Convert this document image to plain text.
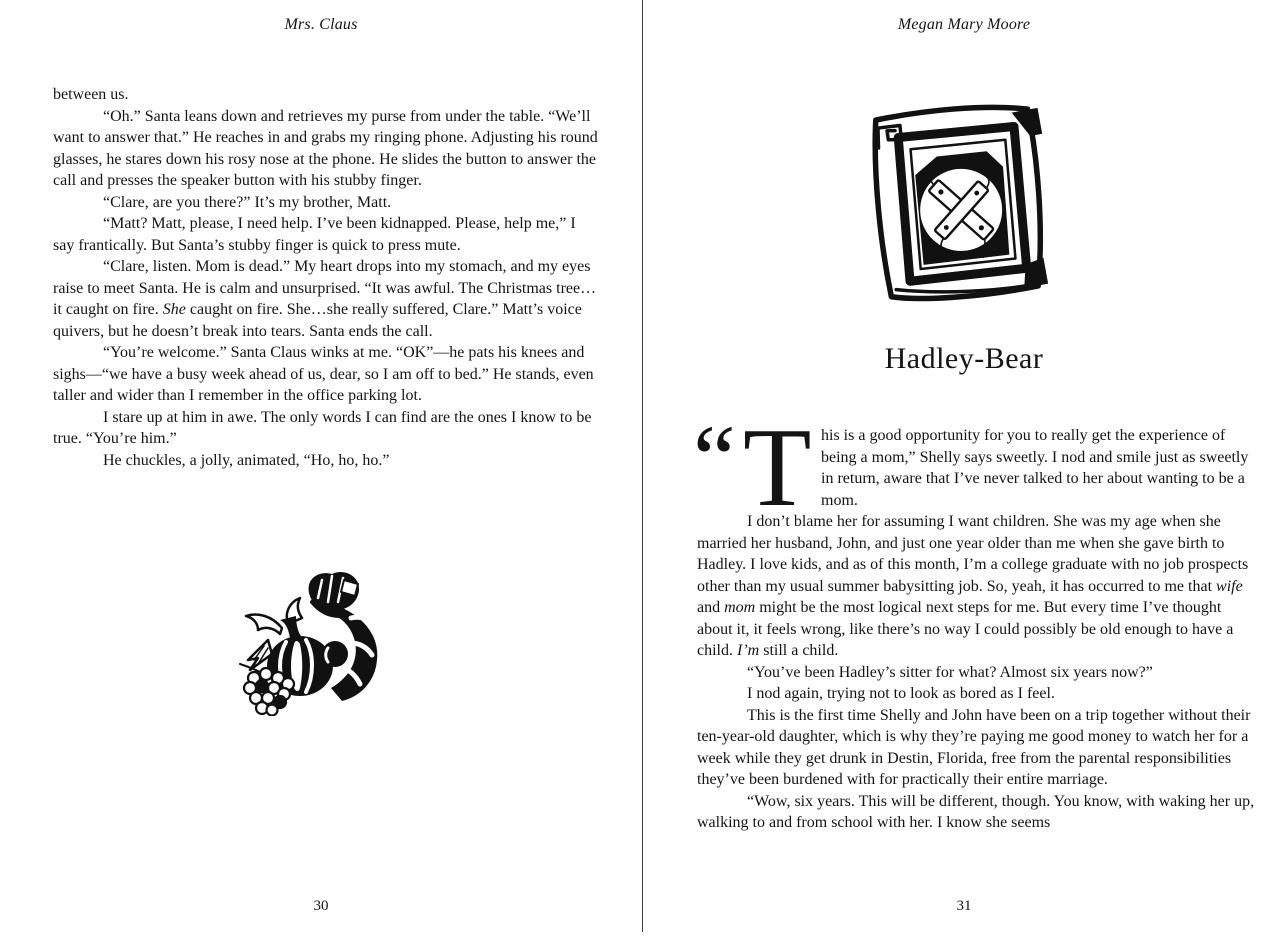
Mrs. Claus

between us.

“Oh.” Santa leans down and retrieves my purse from under the table. “We’ll want to answer that.” He reaches in and grabs my ringing phone. Adjusting his round glasses, he stares down his rosy nose at the phone. He slides the button to answer the call and presses the speaker button with his stubby finger.

“Clare, are you there?” It’s my brother, Matt.

“Matt? Matt, please, I need help. I’ve been kidnapped. Please, help me,” I say frantically. But Santa’s stubby finger is quick to press mute.

“Clare, listen. Mom is dead.” My heart drops into my stomach, and my eyes raise to meet Santa. He is calm and unsurprised. “It was awful. The Christmas tree…it caught on fire. She caught on fire. She…she really suffered, Clare.” Matt’s voice quivers, but he doesn’t break into tears. Santa ends the call.

“You’re welcome.” Santa Claus winks at me. “OK”—he pats his knees and sighs—“we have a busy week ahead of us, dear, so I am off to bed.” He stands, even taller and wider than I remember in the office parking lot.

I stare up at him in awe. The only words I can find are the ones I know to be true. “You’re him.”

He chuckles, a jolly, animated, “Ho, ho, ho.”

30
Megan Mary Moore
Hadley-Bear

“ T his is a good opportunity for you to really get the experience of being a mom,” Shelly says sweetly. I nod and smile just as sweetly in return, aware that I’ve never talked to her about wanting to be a mom.

I don’t blame her for assuming I want children. She was my age when she married her husband, John, and just one year older than me when she gave birth to Hadley. I love kids, and as of this month, I’m a college graduate with no job prospects other than my usual summer babysitting job. So, yeah, it has occurred to me that wife and mom might be the most logical next steps for me. But every time I’ve thought about it, it feels wrong, like there’s no way I could possibly be old enough to have a child. I’m still a child.

“You’ve been Hadley’s sitter for what? Almost six years now?”

I nod again, trying not to look as bored as I feel.

This is the first time Shelly and John have been on a trip together without their ten-year-old daughter, which is why they’re paying me good money to watch her for a week while they get drunk in Destin, Florida, free from the parental responsibilities they’ve been burdened with for practically their entire marriage.

“Wow, six years. This will be different, though. You know, with waking her up, walking to and from school with her. I know she seems

31
